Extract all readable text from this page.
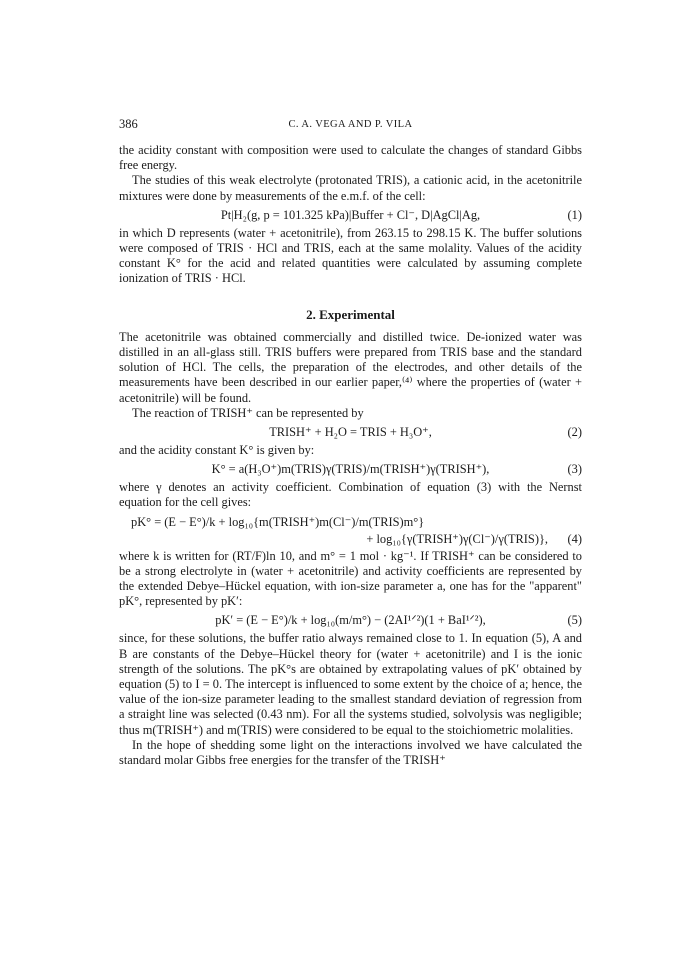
386	C. A. VEGA AND P. VILA

the acidity constant with composition were used to calculate the changes of standard Gibbs free energy.

The studies of this weak electrolyte (protonated TRIS), a cationic acid, in the acetonitrile mixtures were done by measurements of the e.m.f. of the cell:

Pt|H₂(g, p = 101.325 kPa)|Buffer + Cl⁻, D|AgCl|Ag,	(1)

in which D represents (water + acetonitrile), from 263.15 to 298.15 K. The buffer solutions were composed of TRIS · HCl and TRIS, each at the same molality. Values of the acidity constant K° for the acid and related quantities were calculated by assuming complete ionization of TRIS · HCl.

2. Experimental

The acetonitrile was obtained commercially and distilled twice. De-ionized water was distilled in an all-glass still. TRIS buffers were prepared from TRIS base and the standard solution of HCl. The cells, the preparation of the electrodes, and other details of the measurements have been described in our earlier paper,⁽⁴⁾ where the properties of (water + acetonitrile) will be found.

The reaction of TRISH⁺ can be represented by

TRISH⁺ + H₂O = TRIS + H₃O⁺,	(2)

and the acidity constant K° is given by:

K° = a(H₃O⁺)m(TRIS)γ(TRIS)/m(TRISH⁺)γ(TRISH⁺),	(3)

where γ denotes an activity coefficient. Combination of equation (3) with the Nernst equation for the cell gives:

pK° = (E − E°)/k + log₁₀{m(TRISH⁺)m(Cl⁻)/m(TRIS)m°}
+ log₁₀{γ(TRISH⁺)γ(Cl⁻)/γ(TRIS)}, (4)

where k is written for (RT/F)ln 10, and m° = 1 mol · kg⁻¹. If TRISH⁺ can be considered to be a strong electrolyte in (water + acetonitrile) and activity coefficients are represented by the extended Debye–Hückel equation, with ion-size parameter a, one has for the "apparent" pK°, represented by pK′:

pK′ = (E − E°)/k + log₁₀(m/m°) − (2AI¹ᐟ²)(1 + BaI¹ᐟ²),	(5)

since, for these solutions, the buffer ratio always remained close to 1. In equation (5), A and B are constants of the Debye–Hückel theory for (water + acetonitrile) and I is the ionic strength of the solutions. The pK°s are obtained by extrapolating values of pK′ obtained by equation (5) to I = 0. The intercept is influenced to some extent by the choice of a; hence, the value of the ion-size parameter leading to the smallest standard deviation of regression from a straight line was selected (0.43 nm). For all the systems studied, solvolysis was negligible; thus m(TRISH⁺) and m(TRIS) were considered to be equal to the stoichiometric molalities.

In the hope of shedding some light on the interactions involved we have calculated the standard molar Gibbs free energies for the transfer of the TRISH⁺
